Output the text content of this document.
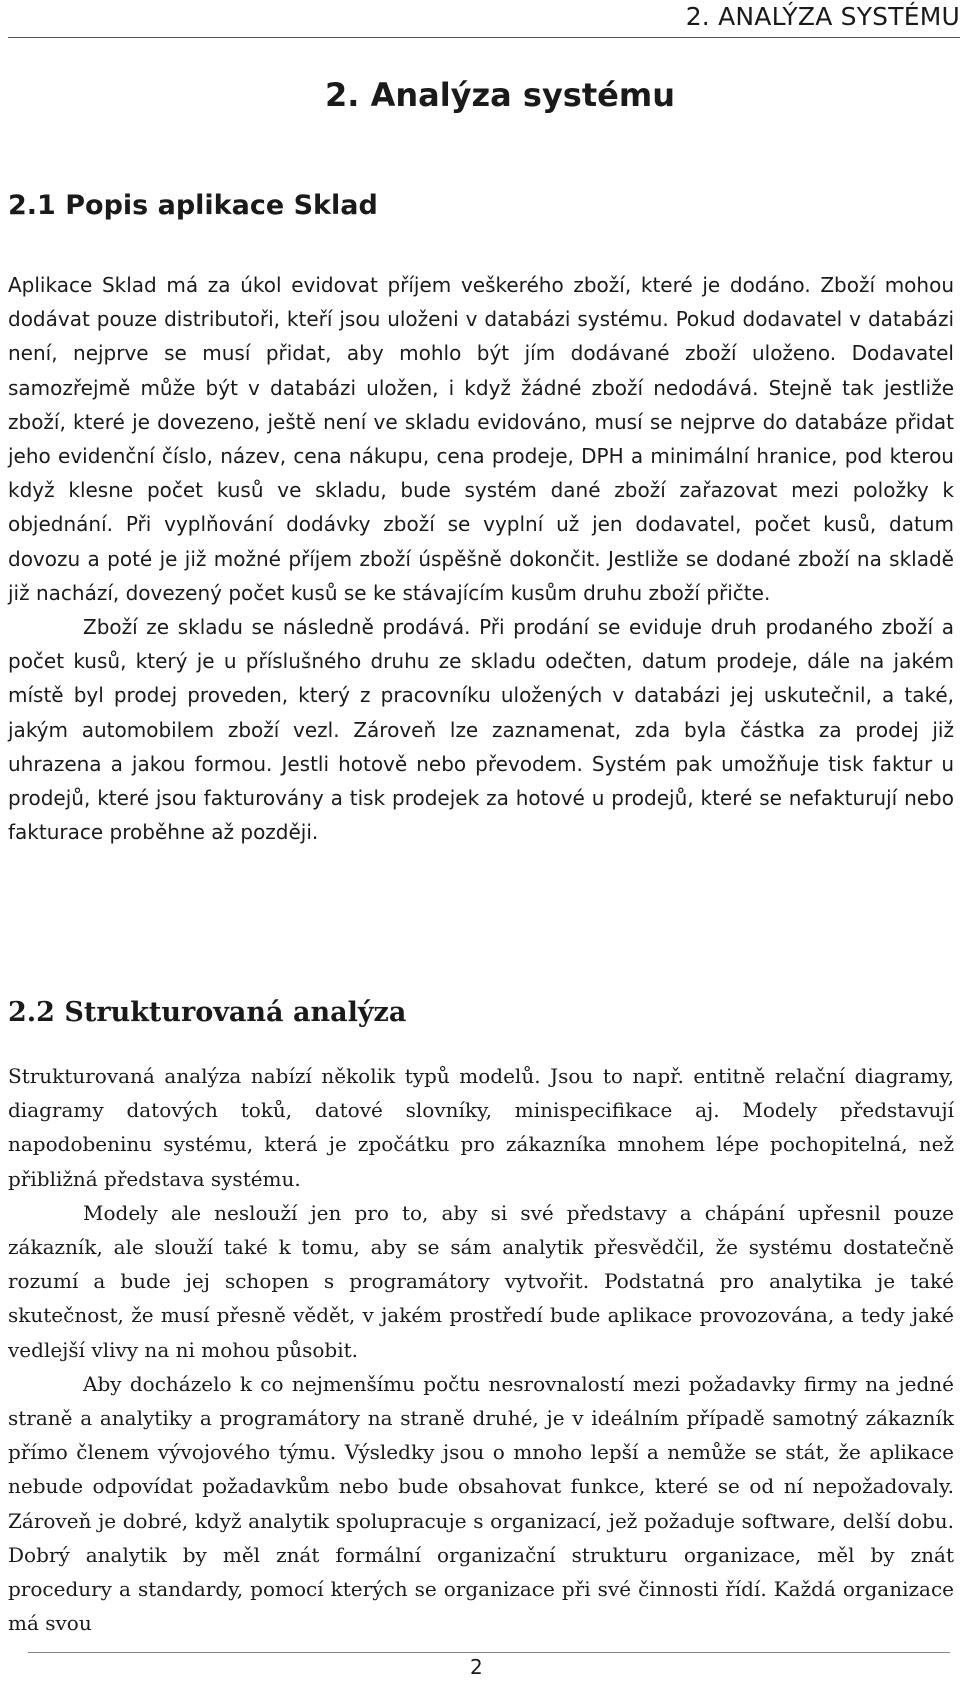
2. ANALÝZA SYSTÉMU
2. Analýza systému
2.1 Popis aplikace Sklad

Aplikace Sklad má za úkol evidovat příjem veškerého zboží, které je dodáno. Zboží mohou dodávat pouze distributoři, kteří jsou uloženi v databázi systému. Pokud dodavatel v databázi není, nejprve se musí přidat, aby mohlo být jím dodávané zboží uloženo. Dodavatel samozřejmě může být v databázi uložen, i když žádné zboží nedodává. Stejně tak jestliže zboží, které je dovezeno, ještě není ve skladu evidováno, musí se nejprve do databáze přidat jeho evidenční číslo, název, cena nákupu, cena prodeje, DPH a minimální hranice, pod kterou když klesne počet kusů ve skladu, bude systém dané zboží zařazovat mezi položky k objednání. Při vyplňování dodávky zboží se vyplní už jen dodavatel, počet kusů, datum dovozu a poté je již možné příjem zboží úspěšně dokončit. Jestliže se dodané zboží na skladě již nachází, dovezený počet kusů se ke stávajícím kusům druhu zboží přičte.

Zboží ze skladu se následně prodává. Při prodání se eviduje druh prodaného zboží a počet kusů, který je u příslušného druhu ze skladu odečten, datum prodeje, dále na jakém místě byl prodej proveden, který z pracovníku uložených v databázi jej uskutečnil, a také, jakým automobilem zboží vezl. Zároveň lze zaznamenat, zda byla částka za prodej již uhrazena a jakou formou. Jestli hotově nebo převodem. Systém pak umožňuje tisk faktur u prodejů, které jsou fakturovány a tisk prodejek za hotové u prodejů, které se nefakturují nebo fakturace proběhne až později.

2.2 Strukturovaná analýza

Strukturovaná analýza nabízí několik typů modelů. Jsou to např. entitně relační diagramy, diagramy datových toků, datové slovníky, minispecifikace aj. Modely představují napodobeninu systému, která je zpočátku pro zákazníka mnohem lépe pochopitelná, než přibližná představa systému.

Modely ale neslouží jen pro to, aby si své představy a chápání upřesnil pouze zákazník, ale slouží také k tomu, aby se sám analytik přesvědčil, že systému dostatečně rozumí a bude jej schopen s programátory vytvořit. Podstatná pro analytika je také skutečnost, že musí přesně vědět, v jakém prostředí bude aplikace provozována, a tedy jaké vedlejší vlivy na ni mohou působit.

Aby docházelo k co nejmenšímu počtu nesrovnalostí mezi požadavky firmy na jedné straně a analytiky a programátory na straně druhé, je v ideálním případě samotný zákazník přímo členem vývojového týmu. Výsledky jsou o mnoho lepší a nemůže se stát, že aplikace nebude odpovídat požadavkům nebo bude obsahovat funkce, které se od ní nepožadovaly. Zároveň je dobré, když analytik spolupracuje s organizací, jež požaduje software, delší dobu. Dobrý analytik by měl znát formální organizační strukturu organizace, měl by znát procedury a standardy, pomocí kterých se organizace při své činnosti řídí. Každá organizace má svou

2
